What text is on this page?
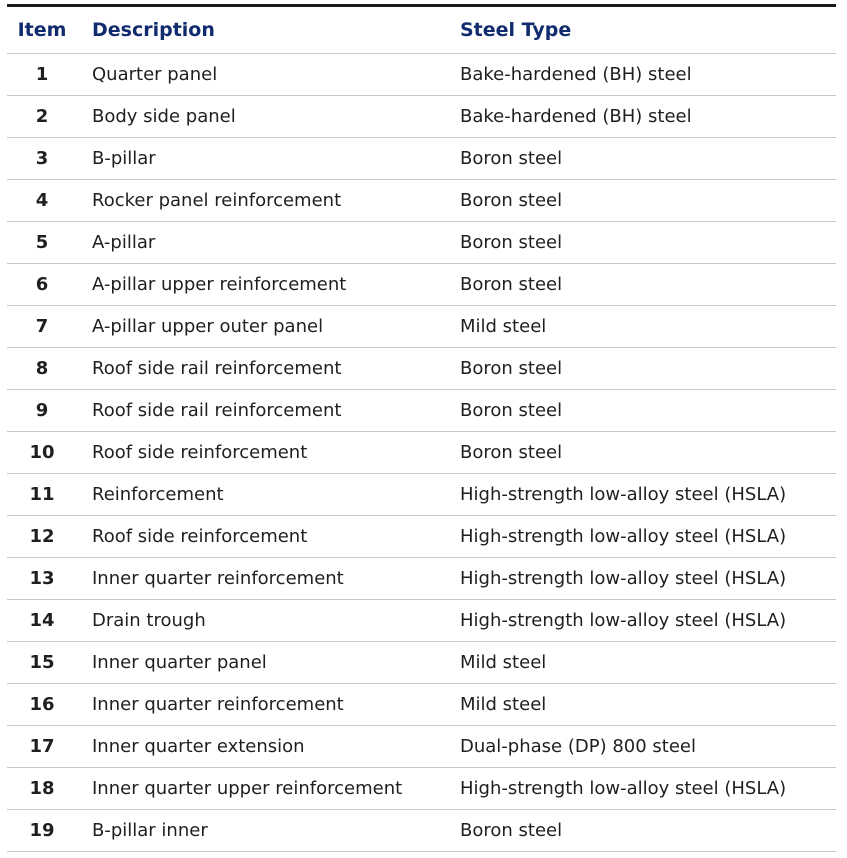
Item	Description	Steel Type
1	Quarter panel	Bake-hardened (BH) steel
2	Body side panel	Bake-hardened (BH) steel
3	B-pillar	Boron steel
4	Rocker panel reinforcement	Boron steel
5	A-pillar	Boron steel
6	A-pillar upper reinforcement	Boron steel
7	A-pillar upper outer panel	Mild steel
8	Roof side rail reinforcement	Boron steel
9	Roof side rail reinforcement	Boron steel
10	Roof side reinforcement	Boron steel
11	Reinforcement	High-strength low-alloy steel (HSLA)
12	Roof side reinforcement	High-strength low-alloy steel (HSLA)
13	Inner quarter reinforcement	High-strength low-alloy steel (HSLA)
14	Drain trough	High-strength low-alloy steel (HSLA)
15	Inner quarter panel	Mild steel
16	Inner quarter reinforcement	Mild steel
17	Inner quarter extension	Dual-phase (DP) 800 steel
18	Inner quarter upper reinforcement	High-strength low-alloy steel (HSLA)
19	B-pillar inner	Boron steel
